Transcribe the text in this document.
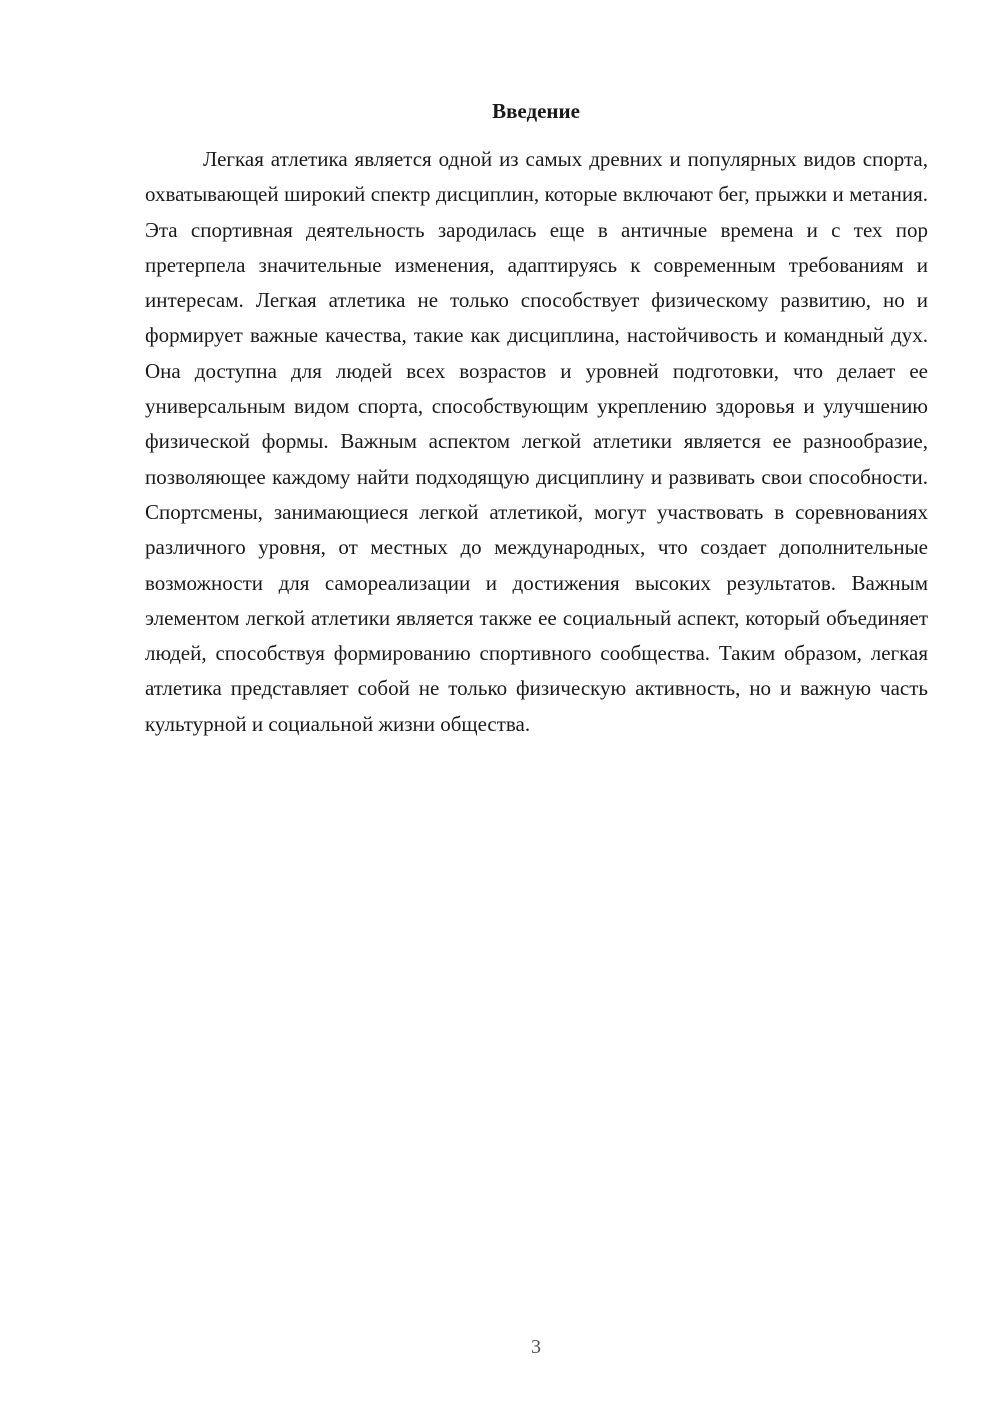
Введение

Легкая атлетика является одной из самых древних и популярных видов спорта, охватывающей широкий спектр дисциплин, которые включают бег, прыжки и метания. Эта спортивная деятельность зародилась еще в античные времена и с тех пор претерпела значительные изменения, адаптируясь к современным требованиям и интересам. Легкая атлетика не только способствует физическому развитию, но и формирует важные качества, такие как дисциплина, настойчивость и командный дух. Она доступна для людей всех возрастов и уровней подготовки, что делает ее универсальным видом спорта, способствующим укреплению здоровья и улучшению физической формы. Важным аспектом легкой атлетики является ее разнообразие, позволяющее каждому найти подходящую дисциплину и развивать свои способности. Спортсмены, занимающиеся легкой атлетикой, могут участвовать в соревнованиях различного уровня, от местных до международных, что создает дополнительные возможности для самореализации и достижения высоких результатов. Важным элементом легкой атлетики является также ее социальный аспект, который объединяет людей, способствуя формированию спортивного сообщества. Таким образом, легкая атлетика представляет собой не только физическую активность, но и важную часть культурной и социальной жизни общества.

3
